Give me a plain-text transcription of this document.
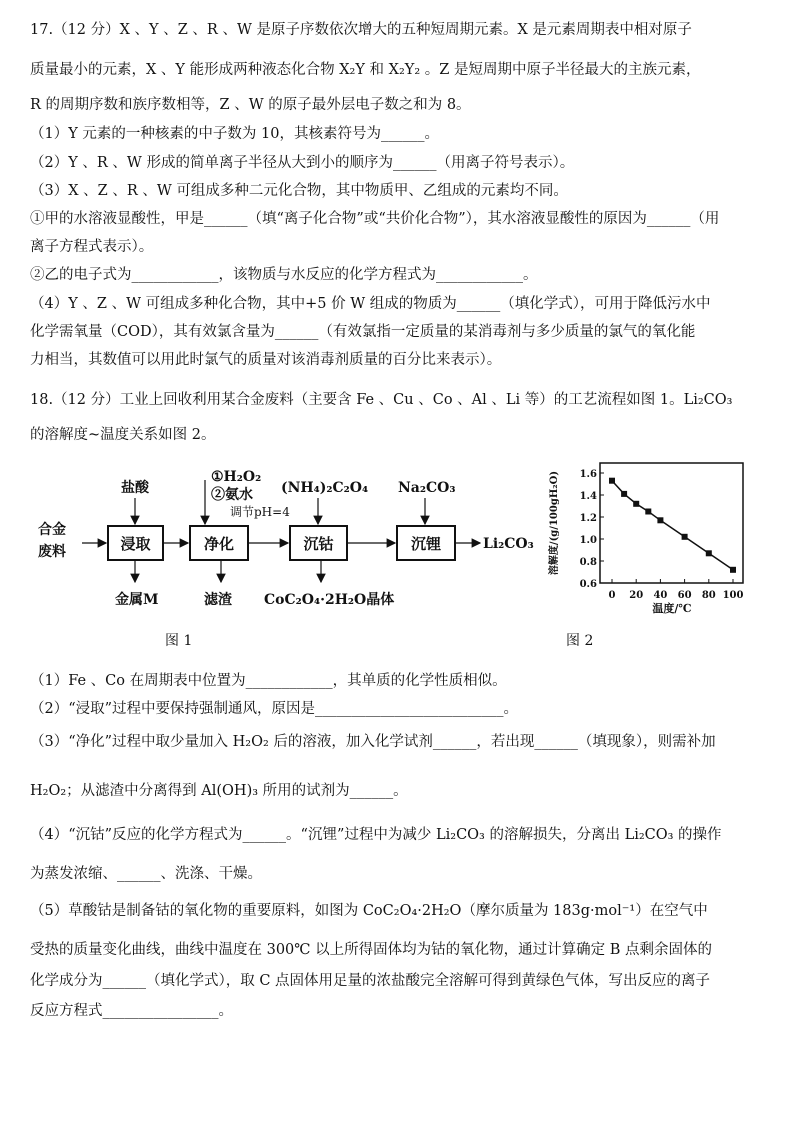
17.（12 分）X 、Y 、Z 、R 、W 是原子序数依次增大的五种短周期元素。X 是元素周期表中相对原子
质量最小的元素，X 、Y 能形成两种液态化合物 X₂Y 和 X₂Y₂ 。Z 是短周期中原子半径最大的主族元素，
R 的周期序数和族序数相等，Z 、W 的原子最外层电子数之和为 8。
（1）Y 元素的一种核素的中子数为 10，其核素符号为______。
（2）Y 、R 、W 形成的简单离子半径从大到小的顺序为______（用离子符号表示）。
（3）X 、Z 、R 、W 可组成多种二元化合物，其中物质甲、乙组成的元素均不同。
①甲的水溶液显酸性，甲是______（填“离子化合物”或“共价化合物”），其水溶液显酸性的原因为______（用
离子方程式表示）。
②乙的电子式为____________，该物质与水反应的化学方程式为____________。
（4）Y 、Z 、W 可组成多种化合物，其中+5 价 W 组成的物质为______（填化学式），可用于降低污水中
化学需氧量（COD），其有效氯含量为______（有效氯指一定质量的某消毒剂与多少质量的氯气的氧化能
力相当，其数值可以用此时氯气的质量对该消毒剂质量的百分比来表示）。
18.（12 分）工业上回收利用某合金废料（主要含 Fe 、Cu 、Co 、Al 、Li 等）的工艺流程如图 1。Li₂CO₃
的溶解度~温度关系如图 2。
合金
废料
盐酸
①H₂O₂
②氨水
调节pH=4
(NH₄)₂C₂O₄ Na₂CO₃
浸取	净化	沉钴	沉锂
金属M	滤渣 CoC₂O₄·2H₂O晶体
Li₂CO₃
图 1
0.6
0.8
1.0
1.2
1.4
1.6
0 20 40 60 80 100
温度/℃
溶解度/(g/100gH₂O)
图 2
（1）Fe 、Co 在周期表中位置为____________，其单质的化学性质相似。
（2）“浸取”过程中要保持强制通风，原因是__________________________。
（3）“净化”过程中取少量加入 H₂O₂ 后的溶液，加入化学试剂______，若出现______（填现象），则需补加
H₂O₂；从滤渣中分离得到 Al(OH)₃ 所用的试剂为______。
（4）“沉钴”反应的化学方程式为______。“沉锂”过程中为减少 Li₂CO₃ 的溶解损失，分离出 Li₂CO₃ 的操作
为蒸发浓缩、______、洗涤、干燥。
（5）草酸钴是制备钴的氧化物的重要原料，如图为 CoC₂O₄·2H₂O（摩尔质量为 183g·mol⁻¹）在空气中
受热的质量变化曲线，曲线中温度在 300℃ 以上所得固体均为钴的氧化物，通过计算确定 B 点剩余固体的
化学成分为______（填化学式），取 C 点固体用足量的浓盐酸完全溶解可得到黄绿色气体，写出反应的离子
反应方程式________________。
